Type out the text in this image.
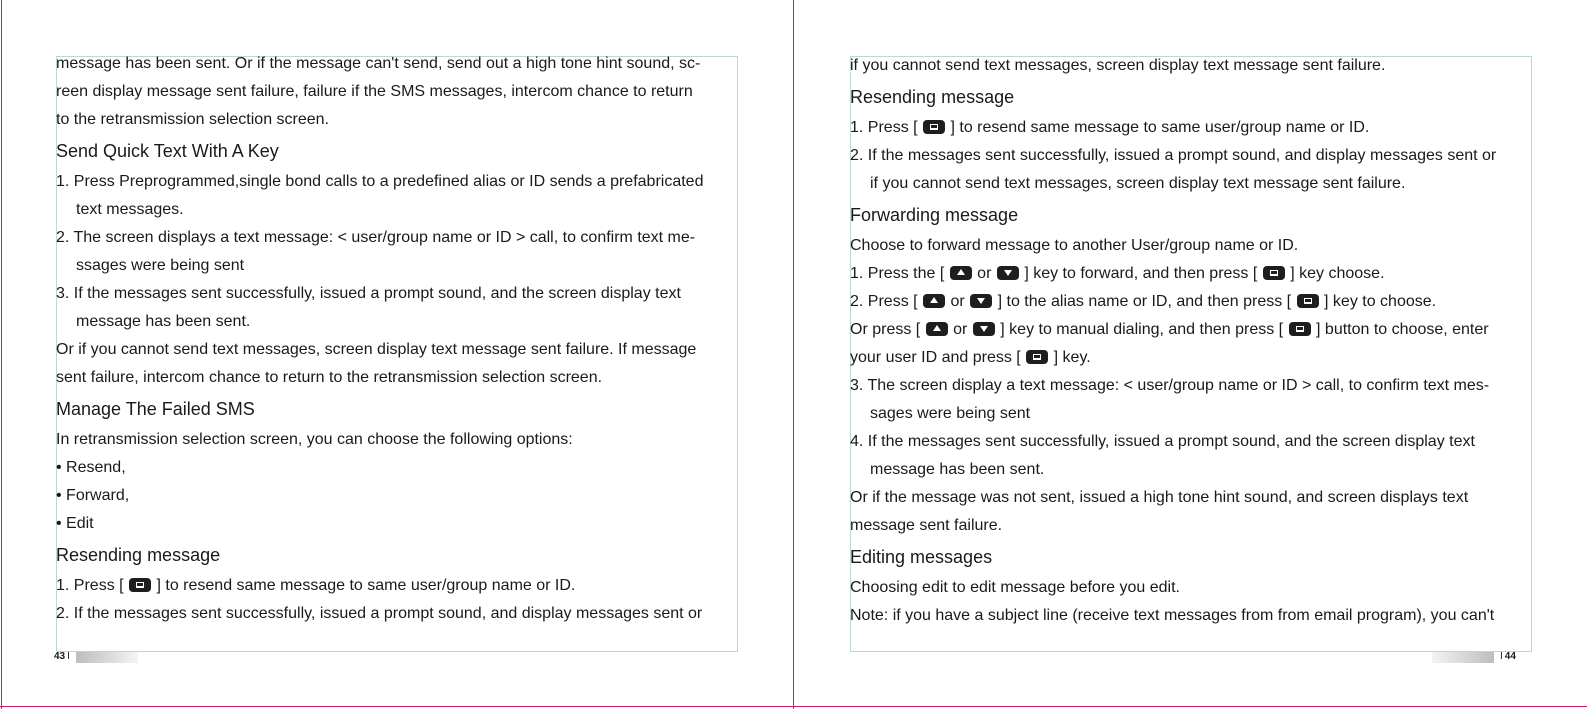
message has been sent. Or if the message can't send, send out a high tone hint sound, sc-

reen display message sent failure, failure if the SMS messages, intercom chance to return

to the retransmission selection screen.

Send Quick Text With A Key

1. Press Preprogrammed,single bond calls to a predefined alias or ID sends a prefabricated

text messages.

2. The screen displays a text message: < user/group name or ID > call, to confirm text me-

ssages were being sent

3. If the messages sent successfully, issued a prompt sound, and the screen display text

message has been sent.

Or if you cannot send text messages, screen display text message sent failure. If message

sent failure, intercom chance to return to the retransmission selection screen.

Manage The Failed SMS

In retransmission selection screen, you can choose the following options:

• Resend,

• Forward,

• Edit

Resending message

1. Press [ ] to resend same message to same user/group name or ID.

2. If the messages sent successfully, issued a prompt sound, and display messages sent or

if you cannot send text messages, screen display text message sent failure.

Resending message

1. Press [ ] to resend same message to same user/group name or ID.

2. If the messages sent successfully, issued a prompt sound, and display messages sent or

if you cannot send text messages, screen display text message sent failure.

Forwarding message

Choose to forward message to another User/group name or ID.

1. Press the [ or ] key to forward, and then press [ ] key choose.

2. Press [ or ] to the alias name or ID, and then press [ ] key to choose.

Or press [ or ] key to manual dialing, and then press [ ] button to choose, enter

your user ID and press [ ] key.

3. The screen display a text message: < user/group name or ID > call, to confirm text mes-

sages were being sent

4. If the messages sent successfully, issued a prompt sound, and the screen display text

message has been sent.

Or if the message was not sent, issued a high tone hint sound, and screen displays text

message sent failure.

Editing messages

Choosing edit to edit message before you edit.

Note: if you have a subject line (receive text messages from from email program), you can't

43 I	I 44
